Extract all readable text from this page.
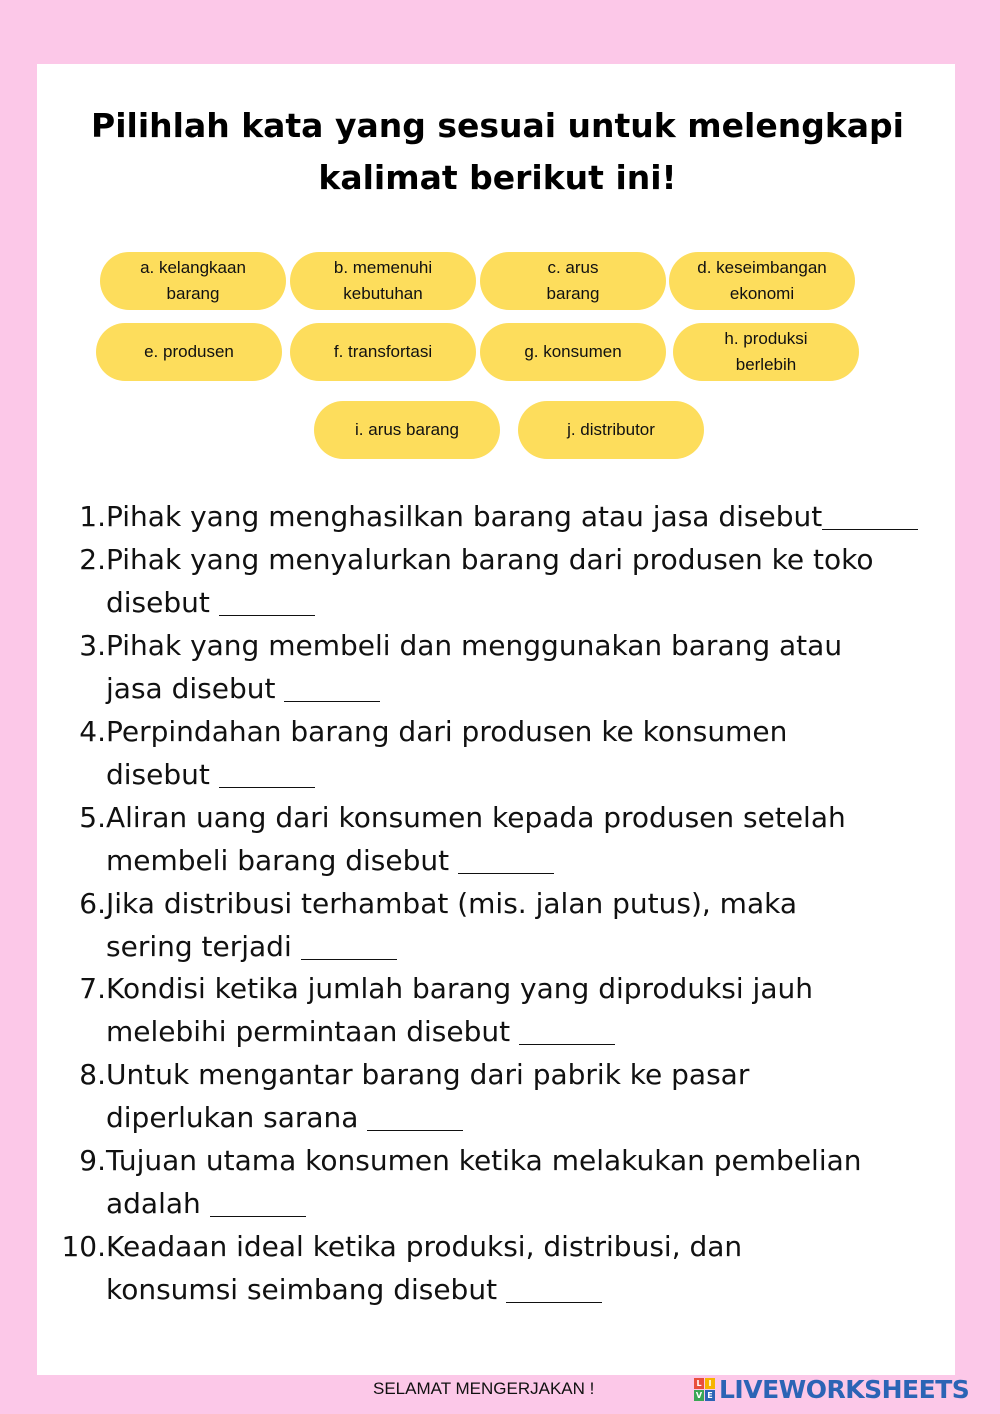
Pilihlah kata yang sesuai untuk melengkapi
kalimat berikut ini!
a. kelangkaan
barang
b. memenuhi
kebutuhan
c. arus
barang
d. keseimbangan
ekonomi
e. produsen	f. transfortasi	g. konsumen
h. produksi
berlebih
i. arus barang	j. distributor
1.Pihak yang menghasilkan barang atau jasa disebut
2.Pihak yang menyalurkan barang dari produsen ke toko
disebut
3.Pihak yang membeli dan menggunakan barang atau
jasa disebut
4.Perpindahan barang dari produsen ke konsumen
disebut
5.Aliran uang dari konsumen kepada produsen setelah
membeli barang disebut
6.Jika distribusi terhambat (mis. jalan putus), maka
sering terjadi
7.Kondisi ketika jumlah barang yang diproduksi jauh
melebihi permintaan disebut
8.Untuk mengantar barang dari pabrik ke pasar
diperlukan sarana
9.Tujuan utama konsumen ketika melakukan pembelian
adalah
10.Keadaan ideal ketika produksi, distribusi, dan
konsumsi seimbang disebut
SELAMAT MENGERJAKAN !	L I
V E LIVEWORKSHEETS
